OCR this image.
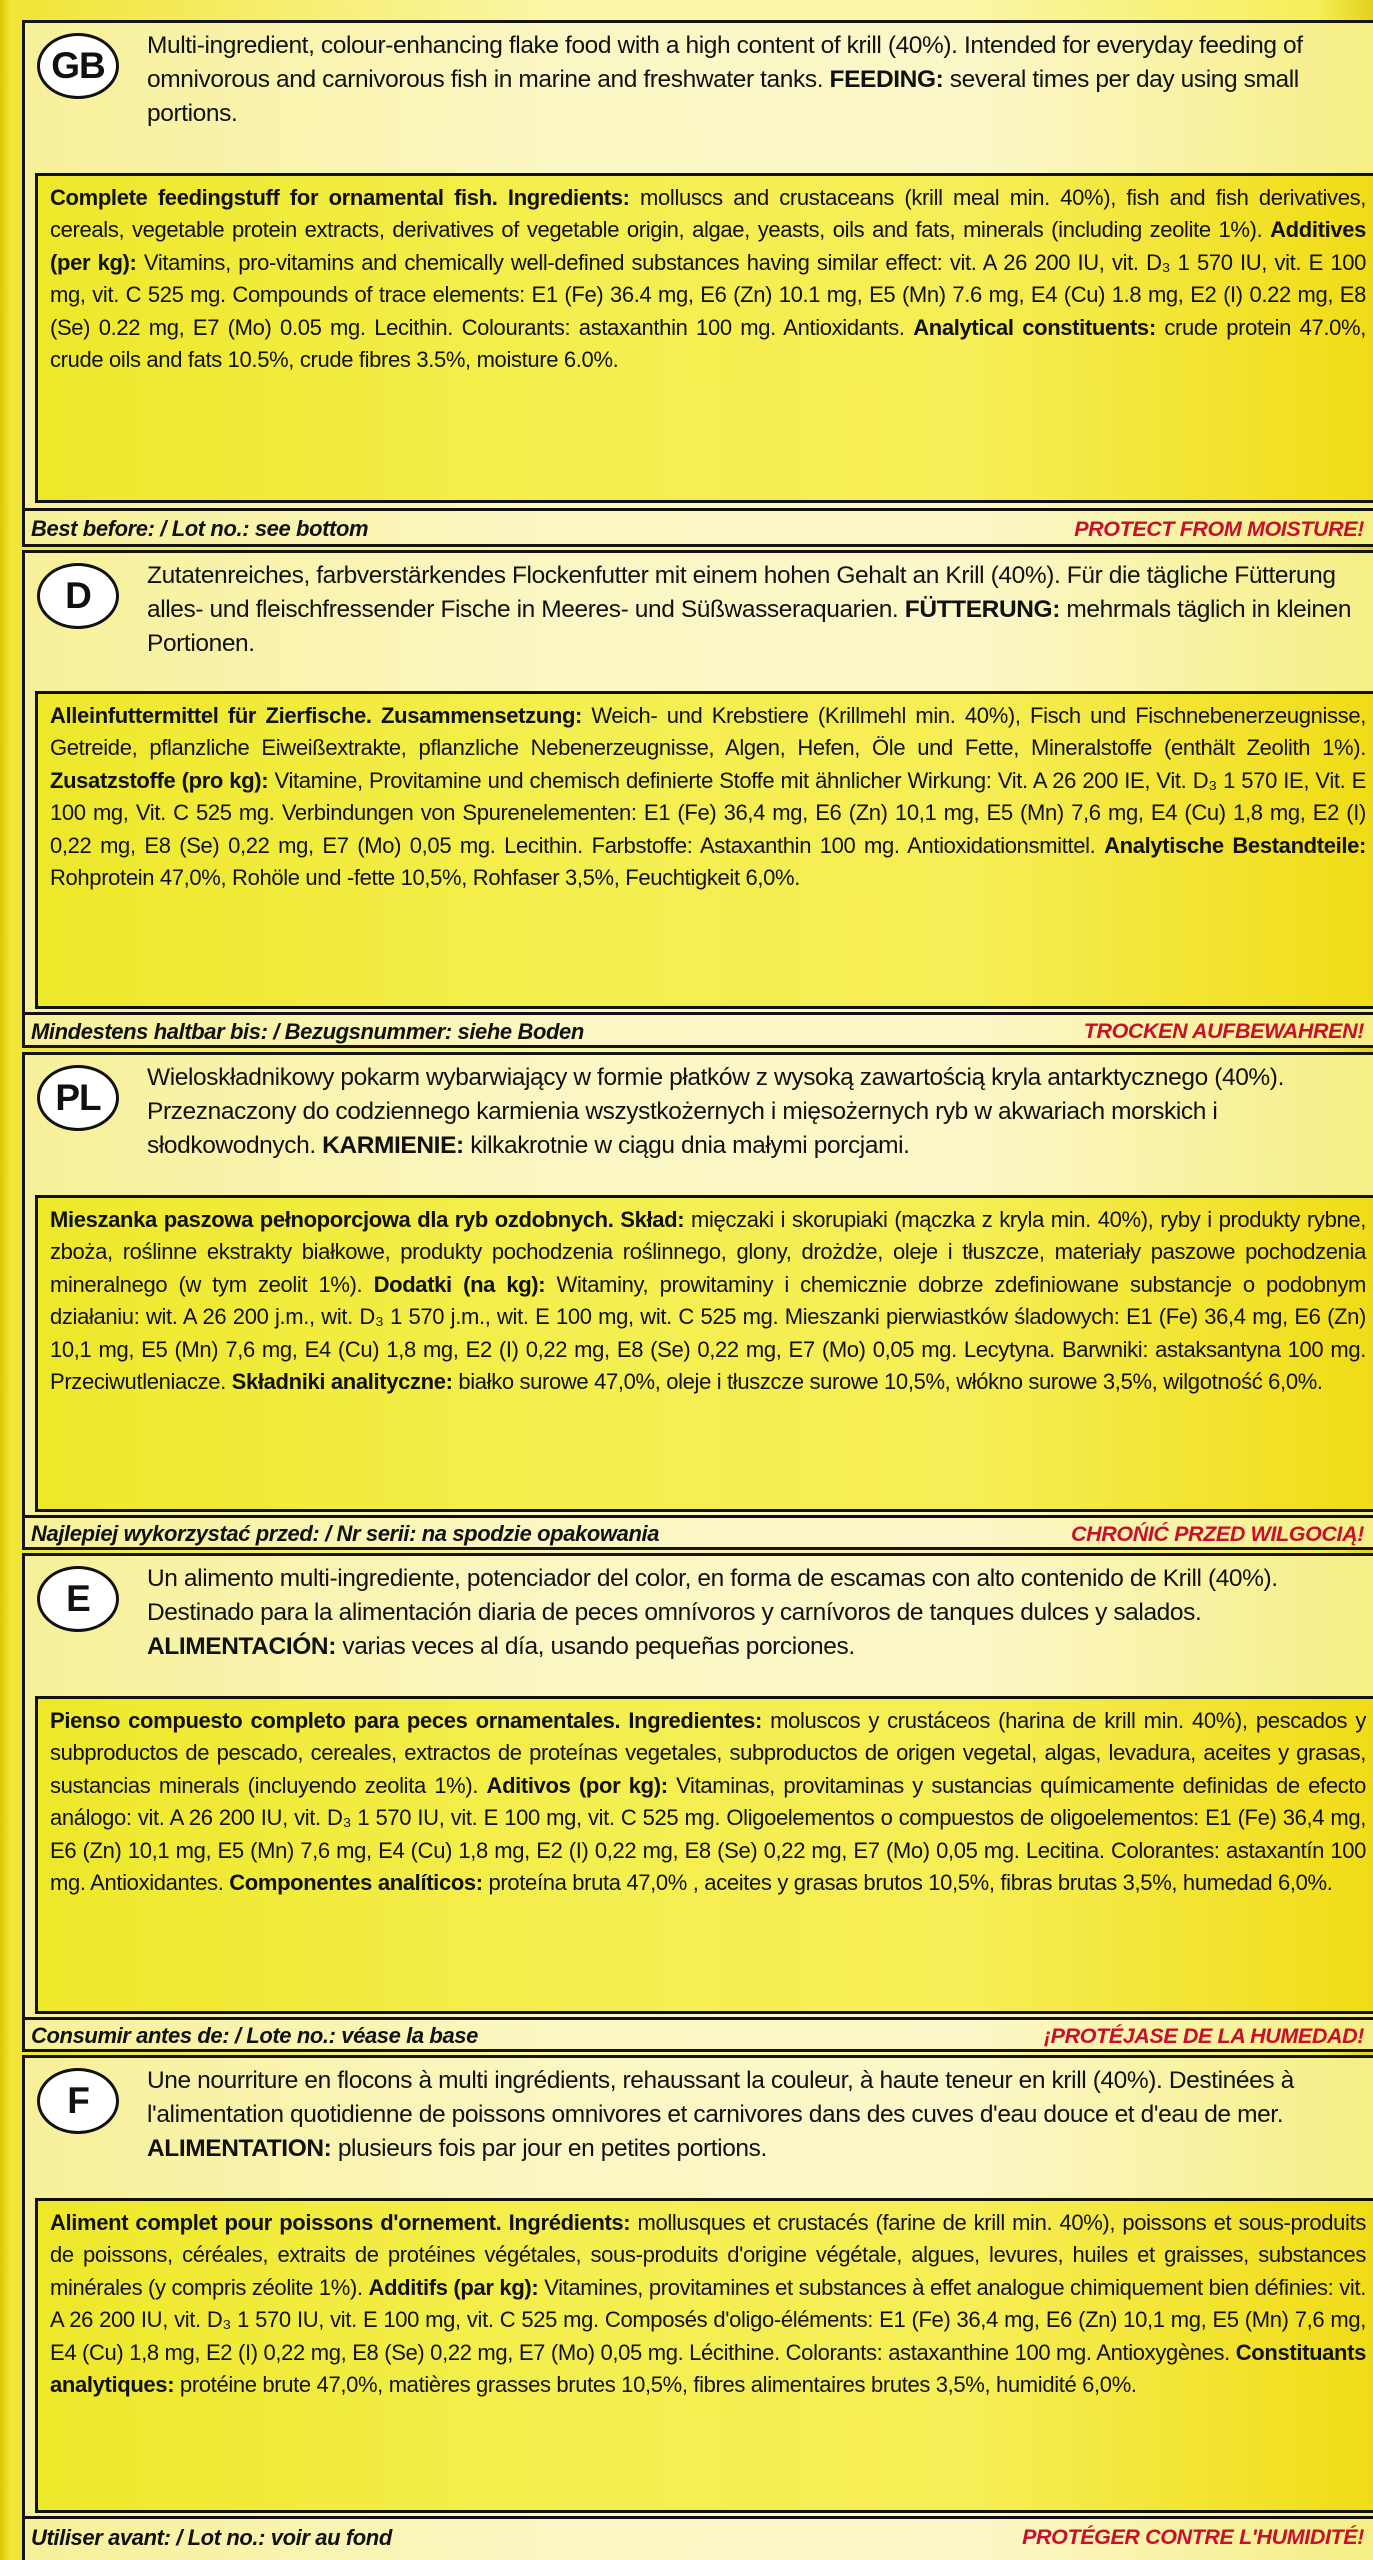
GB	Multi-ingredient, colour-enhancing flake food with a high content of krill (40%). Intended for everyday feeding of omnivorous and carnivorous fish in marine and freshwater tanks. FEEDING: several times per day using small portions.
Complete feedingstuff for ornamental fish. Ingredients: molluscs and crustaceans (krill meal min. 40%), fish and fish derivatives, cereals, vegetable protein extracts, derivatives of vegetable origin, algae, yeasts, oils and fats, minerals (including zeolite 1%). Additives (per kg): Vitamins, pro-vitamins and chemically well-defined substances having similar effect: vit. A 26 200 IU, vit. D₃ 1 570 IU, vit. E 100 mg, vit. C 525 mg. Compounds of trace elements: E1 (Fe) 36.4 mg, E6 (Zn) 10.1 mg, E5 (Mn) 7.6 mg, E4 (Cu) 1.8 mg, E2 (I) 0.22 mg, E8 (Se) 0.22 mg, E7 (Mo) 0.05 mg. Lecithin. Colourants: astaxanthin 100 mg. Antioxidants. Analytical constituents: crude protein 47.0%, crude oils and fats 10.5%, crude fibres 3.5%, moisture 6.0%.
Best before: / Lot no.: see bottom	PROTECT FROM MOISTURE!
D	Zutatenreiches, farbverstärkendes Flockenfutter mit einem hohen Gehalt an Krill (40%). Für die tägliche Fütterung alles- und fleischfressender Fische in Meeres- und Süßwasseraquarien. FÜTTERUNG: mehrmals täglich in kleinen Portionen.
Alleinfuttermittel für Zierfische. Zusammensetzung: Weich- und Krebstiere (Krillmehl min. 40%), Fisch und Fischnebenerzeugnisse, Getreide, pflanzliche Eiweißextrakte, pflanzliche Nebenerzeugnisse, Algen, Hefen, Öle und Fette, Mineralstoffe (enthält Zeolith 1%). Zusatzstoffe (pro kg): Vitamine, Provitamine und chemisch definierte Stoffe mit ähnlicher Wirkung: Vit. A 26 200 IE, Vit. D₃ 1 570 IE, Vit. E 100 mg, Vit. C 525 mg. Verbindungen von Spurenelementen: E1 (Fe) 36,4 mg, E6 (Zn) 10,1 mg, E5 (Mn) 7,6 mg, E4 (Cu) 1,8 mg, E2 (I) 0,22 mg, E8 (Se) 0,22 mg, E7 (Mo) 0,05 mg. Lecithin. Farbstoffe: Astaxanthin 100 mg. Antioxidationsmittel. Analytische Bestandteile: Rohprotein 47,0%, Rohöle und -fette 10,5%, Rohfaser 3,5%, Feuchtigkeit 6,0%.
Mindestens haltbar bis: / Bezugsnummer: siehe Boden	TROCKEN AUFBEWAHREN!
PL	Wieloskładnikowy pokarm wybarwiający w formie płatków z wysoką zawartością kryla antarktycznego (40%). Przeznaczony do codziennego karmienia wszystkożernych i mięsożernych ryb w akwariach morskich i słodkowodnych. KARMIENIE: kilkakrotnie w ciągu dnia małymi porcjami.
Mieszanka paszowa pełnoporcjowa dla ryb ozdobnych. Skład: mięczaki i skorupiaki (mączka z kryla min. 40%), ryby i produkty rybne, zboża, roślinne ekstrakty białkowe, produkty pochodzenia roślinnego, glony, drożdże, oleje i tłuszcze, materiały paszowe pochodzenia mineralnego (w tym zeolit 1%). Dodatki (na kg): Witaminy, prowitaminy i chemicznie dobrze zdefiniowane substancje o podobnym działaniu: wit. A 26 200 j.m., wit. D₃ 1 570 j.m., wit. E 100 mg, wit. C 525 mg. Mieszanki pierwiastków śladowych: E1 (Fe) 36,4 mg, E6 (Zn) 10,1 mg, E5 (Mn) 7,6 mg, E4 (Cu) 1,8 mg, E2 (I) 0,22 mg, E8 (Se) 0,22 mg, E7 (Mo) 0,05 mg. Lecytyna. Barwniki: astaksantyna 100 mg. Przeciwutleniacze. Składniki analityczne: białko surowe 47,0%, oleje i tłuszcze surowe 10,5%, włókno surowe 3,5%, wilgotność 6,0%.
Najlepiej wykorzystać przed: / Nr serii: na spodzie opakowania	CHROŃIĆ PRZED WILGOCIĄ!
E	Un alimento multi-ingrediente, potenciador del color, en forma de escamas con alto contenido de Krill (40%). Destinado para la alimentación diaria de peces omnívoros y carnívoros de tanques dulces y salados. ALIMENTACIÓN: varias veces al día, usando pequeñas porciones.
Pienso compuesto completo para peces ornamentales. Ingredientes: moluscos y crustáceos (harina de krill min. 40%), pescados y subproductos de pescado, cereales, extractos de proteínas vegetales, subproductos de origen vegetal, algas, levadura, aceites y grasas, sustancias minerals (incluyendo zeolita 1%). Aditivos (por kg): Vitaminas, provitaminas y sustancias químicamente definidas de efecto análogo: vit. A 26 200 IU, vit. D₃ 1 570 IU, vit. E 100 mg, vit. C 525 mg. Oligoelementos o compuestos de oligoelementos: E1 (Fe) 36,4 mg, E6 (Zn) 10,1 mg, E5 (Mn) 7,6 mg, E4 (Cu) 1,8 mg, E2 (I) 0,22 mg, E8 (Se) 0,22 mg, E7 (Mo) 0,05 mg. Lecitina. Colorantes: astaxantín 100 mg. Antioxidantes. Componentes analíticos: proteína bruta 47,0% , aceites y grasas brutos 10,5%, fibras brutas 3,5%, humedad 6,0%.
Consumir antes de: / Lote no.: véase la base	¡PROTÉJASE DE LA HUMEDAD!
F	Une nourriture en flocons à multi ingrédients, rehaussant la couleur, à haute teneur en krill (40%). Destinées à l'alimentation quotidienne de poissons omnivores et carnivores dans des cuves d'eau douce et d'eau de mer. ALIMENTATION: plusieurs fois par jour en petites portions.
Aliment complet pour poissons d'ornement. Ingrédients: mollusques et crustacés (farine de krill min. 40%), poissons et sous-produits de poissons, céréales, extraits de protéines végétales, sous-produits d'origine végétale, algues, levures, huiles et graisses, substances minérales (y compris zéolite 1%). Additifs (par kg): Vitamines, provitamines et substances à effet analogue chimiquement bien définies: vit. A 26 200 IU, vit. D₃ 1 570 IU, vit. E 100 mg, vit. C 525 mg. Composés d'oligo-éléments: E1 (Fe) 36,4 mg, E6 (Zn) 10,1 mg, E5 (Mn) 7,6 mg, E4 (Cu) 1,8 mg, E2 (I) 0,22 mg, E8 (Se) 0,22 mg, E7 (Mo) 0,05 mg. Lécithine. Colorants: astaxanthine 100 mg. Antioxygènes. Constituants analytiques: protéine brute 47,0%, matières grasses brutes 10,5%, fibres alimentaires brutes 3,5%, humidité 6,0%.
Utiliser avant: / Lot no.: voir au fond	PROTÉGER CONTRE L'HUMIDITÉ!
